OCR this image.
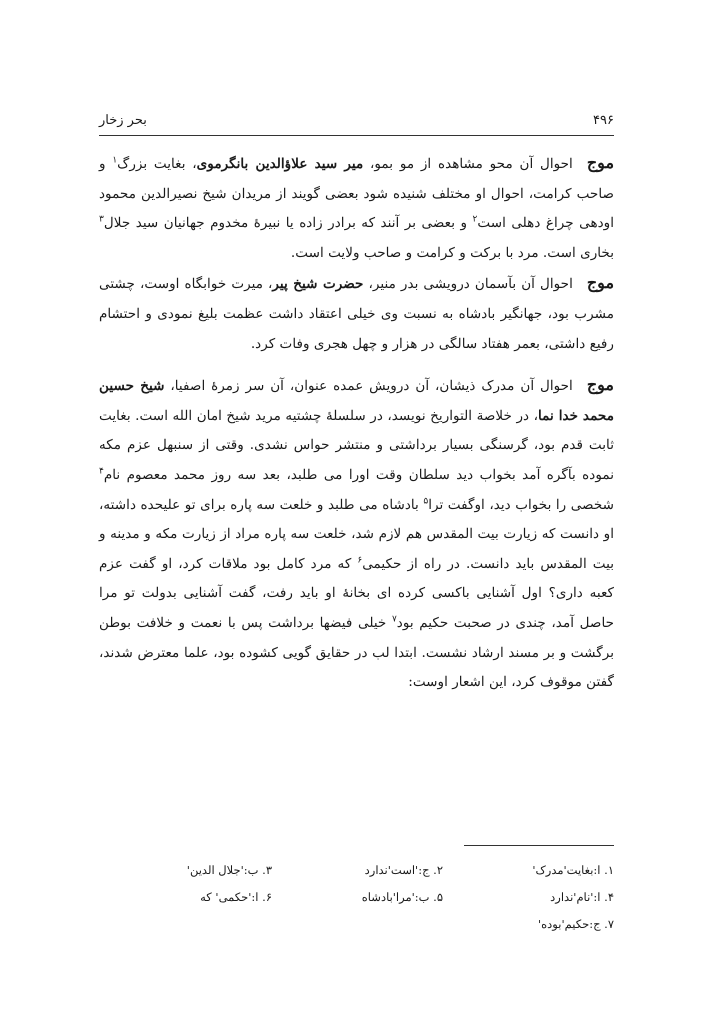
۴۹۶
بحر زخار

موجاحوال آن محو مشاهده از مو بمو، میر سید علاؤالدین بانگرموی، بغایت بزرگ$^۱$ و صاحب کرامت، احوال او مختلف شنیده شود بعضی گویند از مریدان شیخ نصیرالدین محمود اودهی چراغ دهلی است$^۲$ و بعضی بر آنند که برادر زاده یا نبیرهٔ مخدوم جهانیان سید جلال$^۳$ بخاری است. مرد با برکت و کرامت و صاحب ولایت است.

موجاحوال آن بآسمان درویشی بدر منیر، حضرت شیخ پیر، میرت خوابگاه اوست، چشتی مشرب بود، جهانگیر بادشاه به نسبت وی خیلی اعتقاد داشت عظمت بلیغ نمودی و احتشام رفیع داشتی، بعمر هفتاد سالگی در هزار و چهل هجری وفات کرد.

موجاحوال آن مدرک ذیشان، آن درویش عمده عنوان، آن سر زمرهٔ اصفیا، شیخ حسین محمد خدا نما، در خلاصة التواریخ نویسد، در سلسلهٔ چشتیه مرید شیخ امان الله است. بغایت ثابت قدم بود، گرسنگی بسیار برداشتی و منتشر حواس نشدی. وقتی از سنبهل عزم مکه نموده بآگره آمد بخواب دید سلطان وقت اورا می طلبد، بعد سه روز محمد معصوم نام$^۴$ شخصی را بخواب دید، اوگفت ترا$^۵$ بادشاه می طلبد و خلعت سه پاره برای تو علیحده داشته، او دانست که زیارت بیت المقدس هم لازم شد، خلعت سه پاره مراد از زیارت مکه و مدینه و بیت المقدس باید دانست. در راه از حکیمی$^۶$ که مرد کامل بود ملاقات کرد، او گفت عزم کعبه داری؟ اول آشنایی باکسی کرده ای بخانهٔ او باید رفت، گفت آشنایی بدولت تو مرا حاصل آمد، چندی در صحبت حکیم بود$^۷$ خیلی فیضها برداشت پس با نعمت و خلافت بوطن برگشت و بر مسند ارشاد نشست. ابتدا لب در حقایق گویی کشوده بود، علما معترض شدند، گفتن موقوف کرد، این اشعار اوست:

۱. ا:بغایت'مدرک'
۲. ج:'است'ندارد
۳. ب:'جلال الدین'
۴. ا:'نام'ندارد
۵. ب:'مرا'بادشاه
۶. ا:'حکمی' که
۷. ج:حکیم'بوده'
